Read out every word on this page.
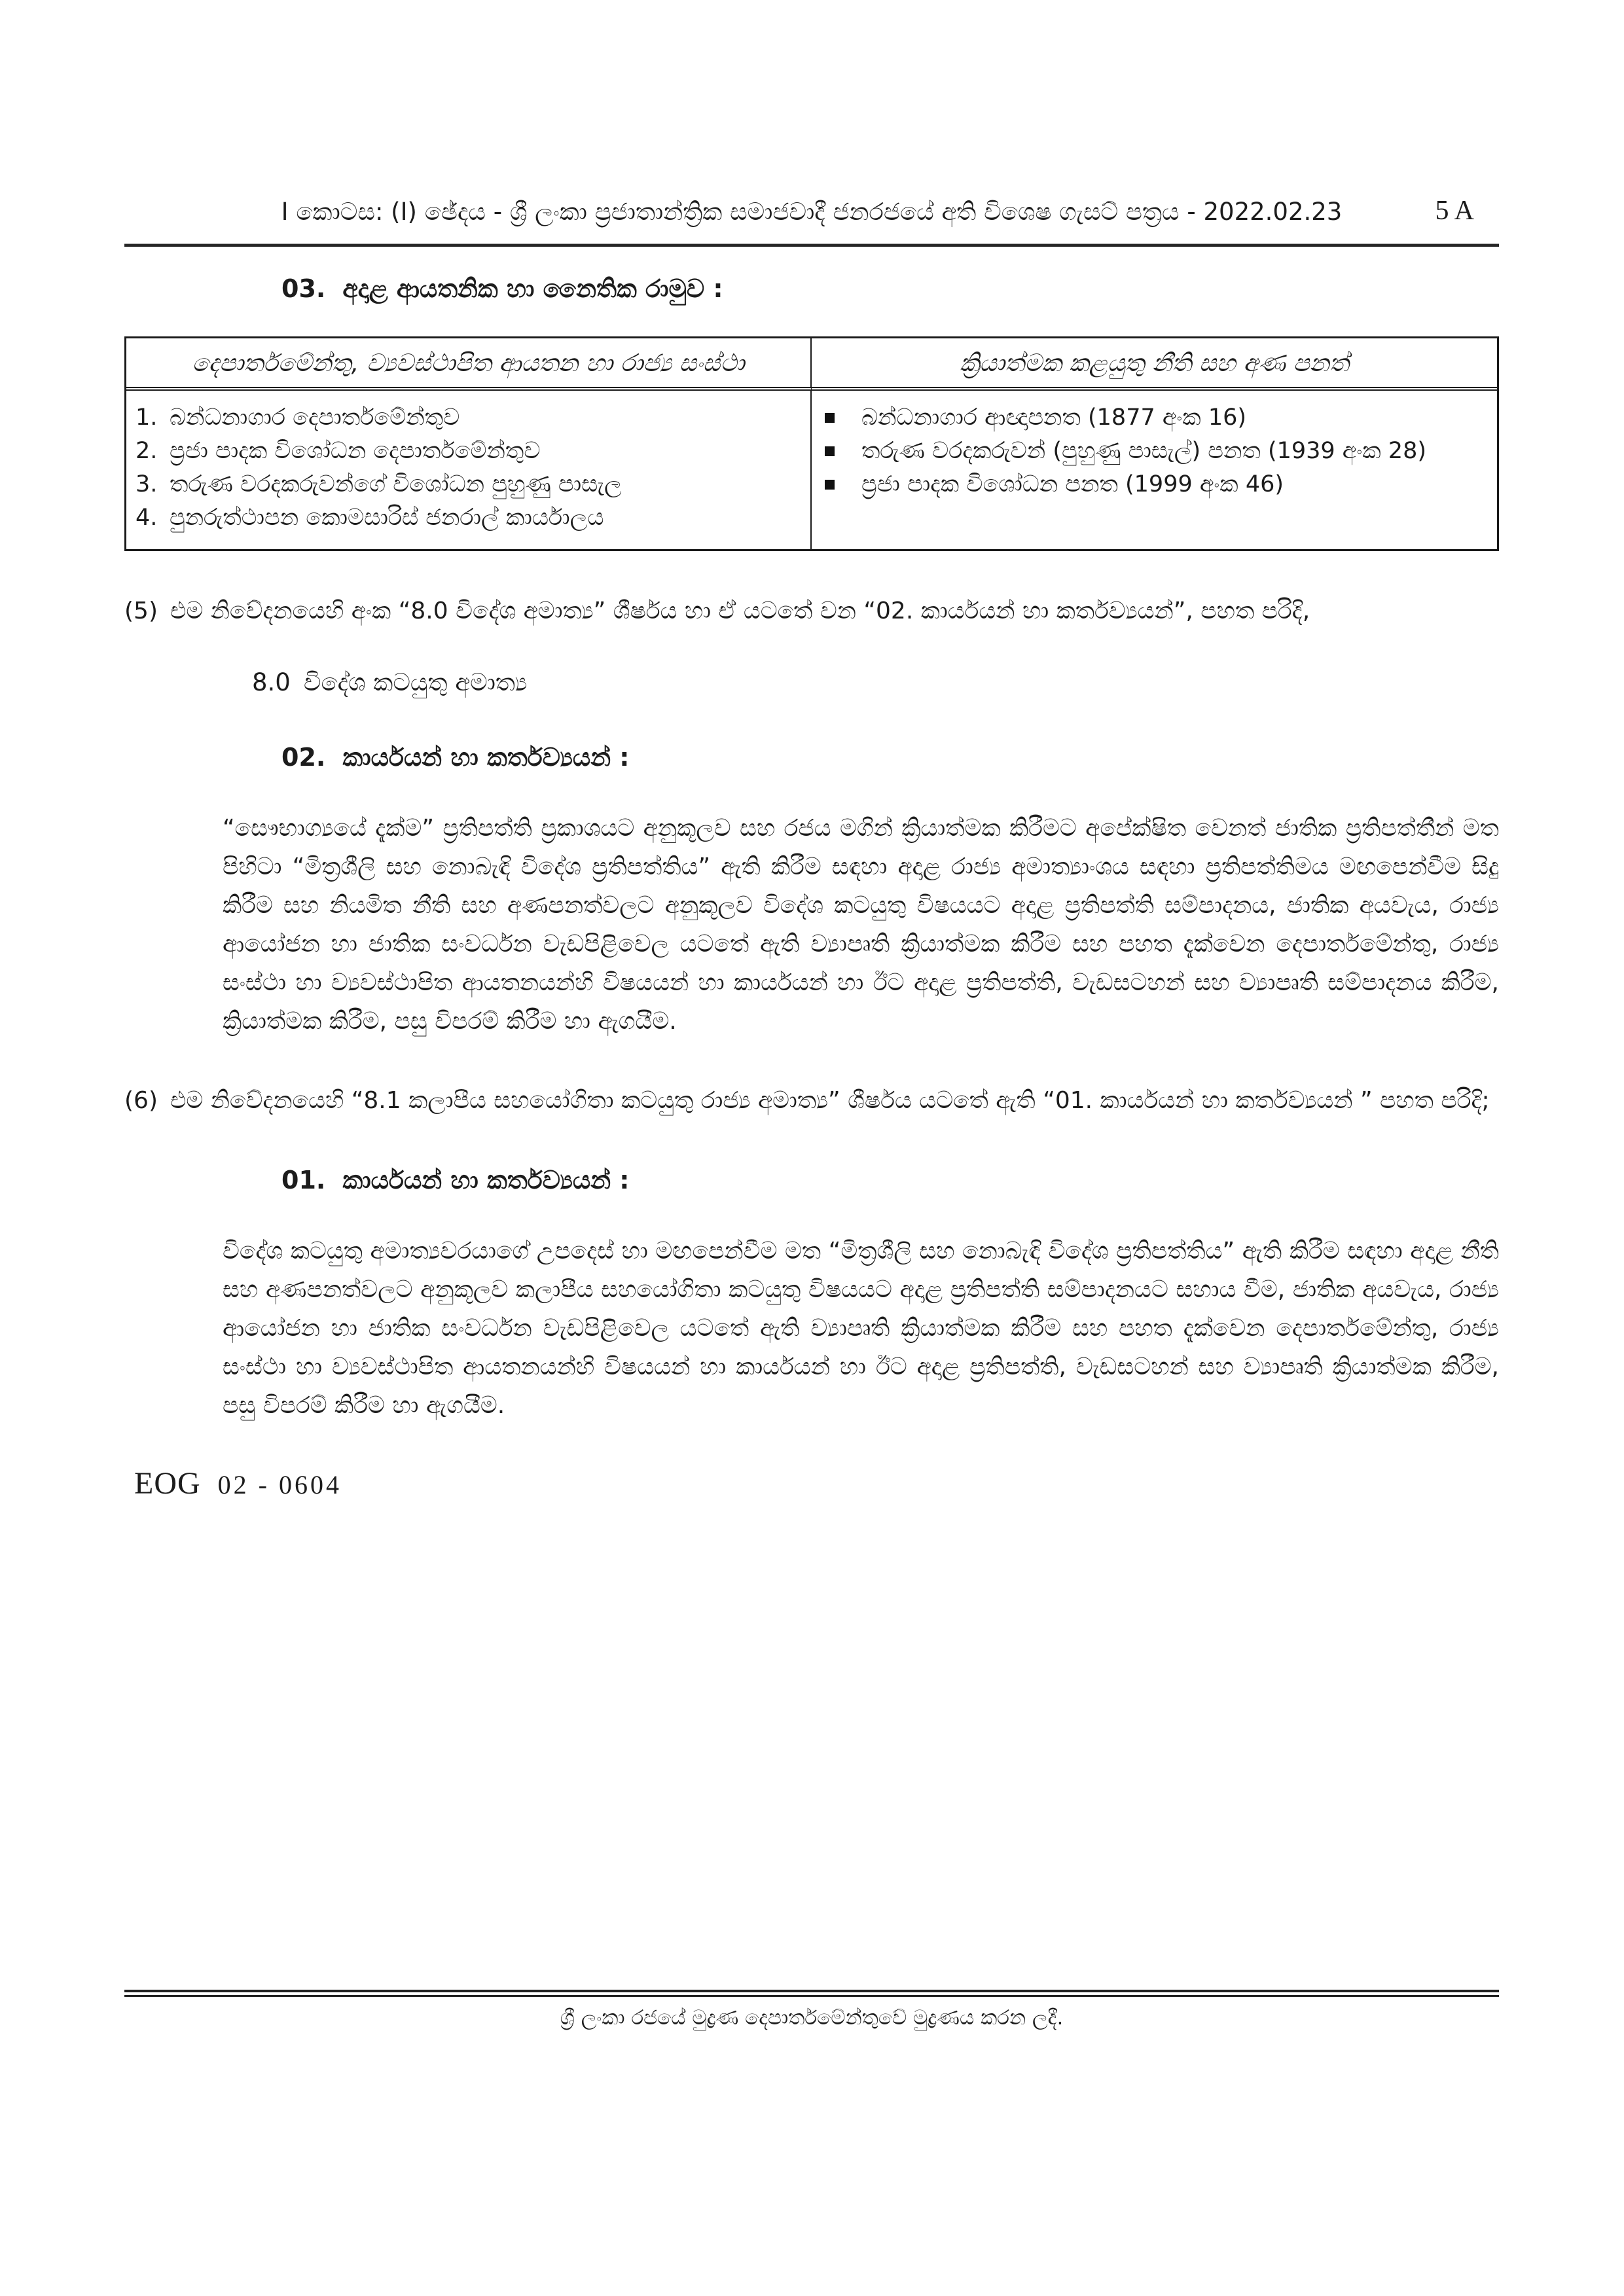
I කොටස: (I) ඡේදය - ශ්‍රී ලංකා ප්‍රජාතාන්ත්‍රික සමාජවාදී ජනරජයේ අති විශෙෂ ගැසට් පත්‍රය - 2022.02.23	5 A
03. අදාළ ආයතනික හා නෛතික රාමුව :
දෙපාර්තමේන්තු, ව්‍යවස්ථාපිත ආයතන හා රාජ්‍ය සංස්ථා	ක්‍රියාත්මක කළයුතු නීති සහ අණ පනත්
1. බන්ධනාගාර දෙපාර්තමේන්තුව
2. ප්‍රජා පාදක විශෝධන දෙපාර්තමේන්තුව
3. තරුණ වරදකරුවන්ගේ විශෝධන පුහුණු පාසැල
4. පුනරුත්ථාපන කොමසාරිස් ජනරාල් කාර්යාලය
බන්ධනාගාර ආඥාපනත (1877 අංක 16)
තරුණ වරදකරුවන් (පුහුණු පාසැල්) පනත (1939 අංක 28)
ප්‍රජා පාදක විශෝධන පනත (1999 අංක 46)
(5) එම නිවේදනයෙහි අංක “8.0 විදේශ අමාත්‍ය” ශීර්ෂය හා ඒ යටතේ වන “02. කාර්යයන් හා කර්තව්‍යයන්”, පහත පරිදි,
8.0 විදේශ කටයුතු අමාත්‍ය
02. කාර්යයන් හා කර්තව්‍යයන් :
“සෞභාග්‍යයේ දැක්ම” ප්‍රතිපත්ති ප්‍රකාශයට අනුකූලව සහ රජය මගින් ක්‍රියාත්මක කිරීමට අපේක්ෂිත වෙනත් ජාතික ප්‍රතිපත්තීන් මත පිහිටා “මිත්‍රශීලි සහ නොබැඳි විදේශ ප්‍රතිපත්තිය” ඇති කිරීම සඳහා අදාළ රාජ්‍ය අමාත්‍යාංශය සඳහා ප්‍රතිපත්තිමය මඟපෙන්වීම සිදු කිරීම සහ නියමිත නීති සහ අණපනත්වලට අනුකූලව විදේශ කටයුතු විෂයයට අදාළ ප්‍රතිපත්ති සම්පාදනය, ජාතික අයවැය, රාජ්‍ය ආයෝජන හා ජාතික සංවර්ධන වැඩපිළිවෙල යටතේ ඇති ව්‍යාපෘති ක්‍රියාත්මක කිරීම සහ පහත දැක්වෙන දෙපාර්තමේන්තු, රාජ්‍ය සංස්ථා හා ව්‍යවස්ථාපිත ආයතනයන්හි විෂයයන් හා කාර්යයන් හා ඊට අදාළ ප්‍රතිපත්ති, වැඩසටහන් සහ ව්‍යාපෘති සම්පාදනය කිරීම, ක්‍රියාත්මක කිරීම, පසු විපරම් කිරීම හා ඇගයීම.
(6) එම නිවේදනයෙහි “8.1 කලාපීය සහයෝගිතා කටයුතු රාජ්‍ය අමාත්‍ය” ශීර්ෂය යටතේ ඇති “01. කාර්යයන් හා කර්තව්‍යයන් ” පහත පරිදි;
01. කාර්යයන් හා කර්තව්‍යයන් :
විදේශ කටයුතු අමාත්‍යවරයාගේ උපදෙස් හා මඟපෙන්වීම මත “මිත්‍රශීලි සහ නොබැඳි විදේශ ප්‍රතිපත්තිය” ඇති කිරීම සඳහා අදාළ නීති සහ අණපනත්වලට අනුකූලව කලාපීය සහයෝගිතා කටයුතු විෂයයට අදාළ ප්‍රතිපත්ති සම්පාදනයට සහාය වීම, ජාතික අයවැය, රාජ්‍ය ආයෝජන හා ජාතික සංවර්ධන වැඩපිළිවෙල යටතේ ඇති ව්‍යාපෘති ක්‍රියාත්මක කිරීම සහ පහත දැක්වෙන දෙපාර්තමේන්තු, රාජ්‍ය සංස්ථා හා ව්‍යවස්ථාපිත ආයතනයන්හි විෂයයන් හා කාර්යයන් හා ඊට අදාළ ප්‍රතිපත්ති, වැඩසටහන් සහ ව්‍යාපෘති ක්‍රියාත්මක කිරීම, පසු විපරම් කිරීම හා ඇගයීම.
EOG 02 - 0604
ශ්‍රී ලංකා රජයේ මුද්‍රණ දෙපාර්තමේන්තුවේ මුද්‍රණය කරන ලදී.
